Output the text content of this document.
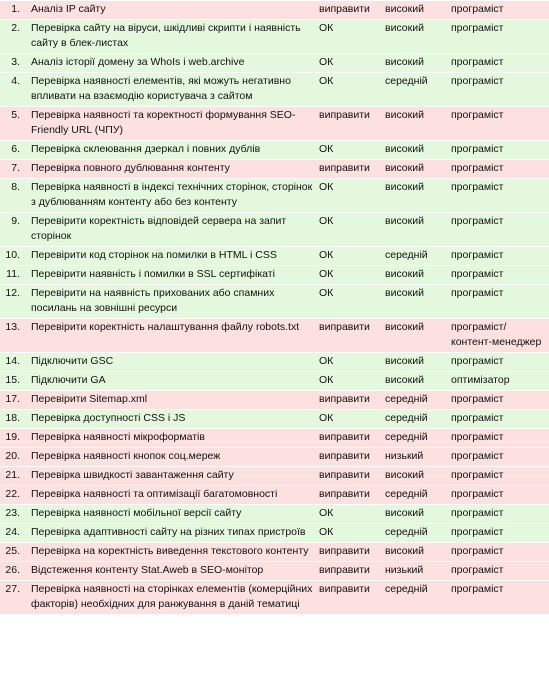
1.	Аналіз IP сайту	виправити	високий	програміст
2.	Перевірка сайту на віруси, шкідливі скрипти і наявність сайту в блек-листах	ОК	високий	програміст
3.	Аналіз історії домену за WhoIs і web.archive	ОК	високий	програміст
4.	Перевірка наявності елементів, які можуть негативно впливати на взаємодію користувача з сайтом	ОК	середній	програміст
5.	Перевірка наявності та коректності формування SEO-Friendly URL (ЧПУ)	виправити	високий	програміст
6.	Перевірка склеювання дзеркал і повних дублів	ОК	високий	програміст
7.	Перевірка повного дублювання контенту	виправити	високий	програміст
8.	Перевірка наявності в індексі технічних сторінок, сторінок з дублюванням контенту або без контенту	ОК	високий	програміст
9.	Перевірити коректність відповідей сервера на запит сторінок	ОК	високий	програміст
10.	Перевірити код сторінок на помилки в HTML і CSS	ОК	середній	програміст
11.	Перевірити наявність і помилки в SSL сертифікаті	ОК	високий	програміст
12.	Перевірити на наявність прихованих або спамних посилань на зовнішні ресурси	ОК	високий	програміст
13.	Перевірити коректність налаштування файлу robots.txt	виправити	високий	програміст/контент-менеджер
14.	Підключити GSC	ОК	високий	програміст
15.	Підключити GA	ОК	високий	оптимізатор
17.	Перевірити Sitemap.xml	виправити	середній	програміст
18.	Перевірка доступності CSS і JS	ОК	середній	програміст
19.	Перевірка наявності мікроформатів	виправити	середній	програміст
20.	Перевірка наявності кнопок соц.мереж	виправити	низький	програміст
21.	Перевірка швидкості завантаження сайту	виправити	високий	програміст
22.	Перевірка наявності та оптимізації багатомовності	виправити	середній	програміст
23.	Перевірка наявності мобільної версії сайту	ОК	високий	програміст
24.	Перевірка адаптивності сайту на різних типах пристроїв	ОК	середній	програміст
25.	Перевірка на коректність виведення текстового контенту	виправити	високий	програміст
26.	Відстеження контенту Stat.Aweb в SEO-монітор	виправити	низький	програміст
27.	Перевірка наявності на сторінках елементів (комерційних факторів) необхідних для ранжування в даній тематиці	виправити	середній	програміст
